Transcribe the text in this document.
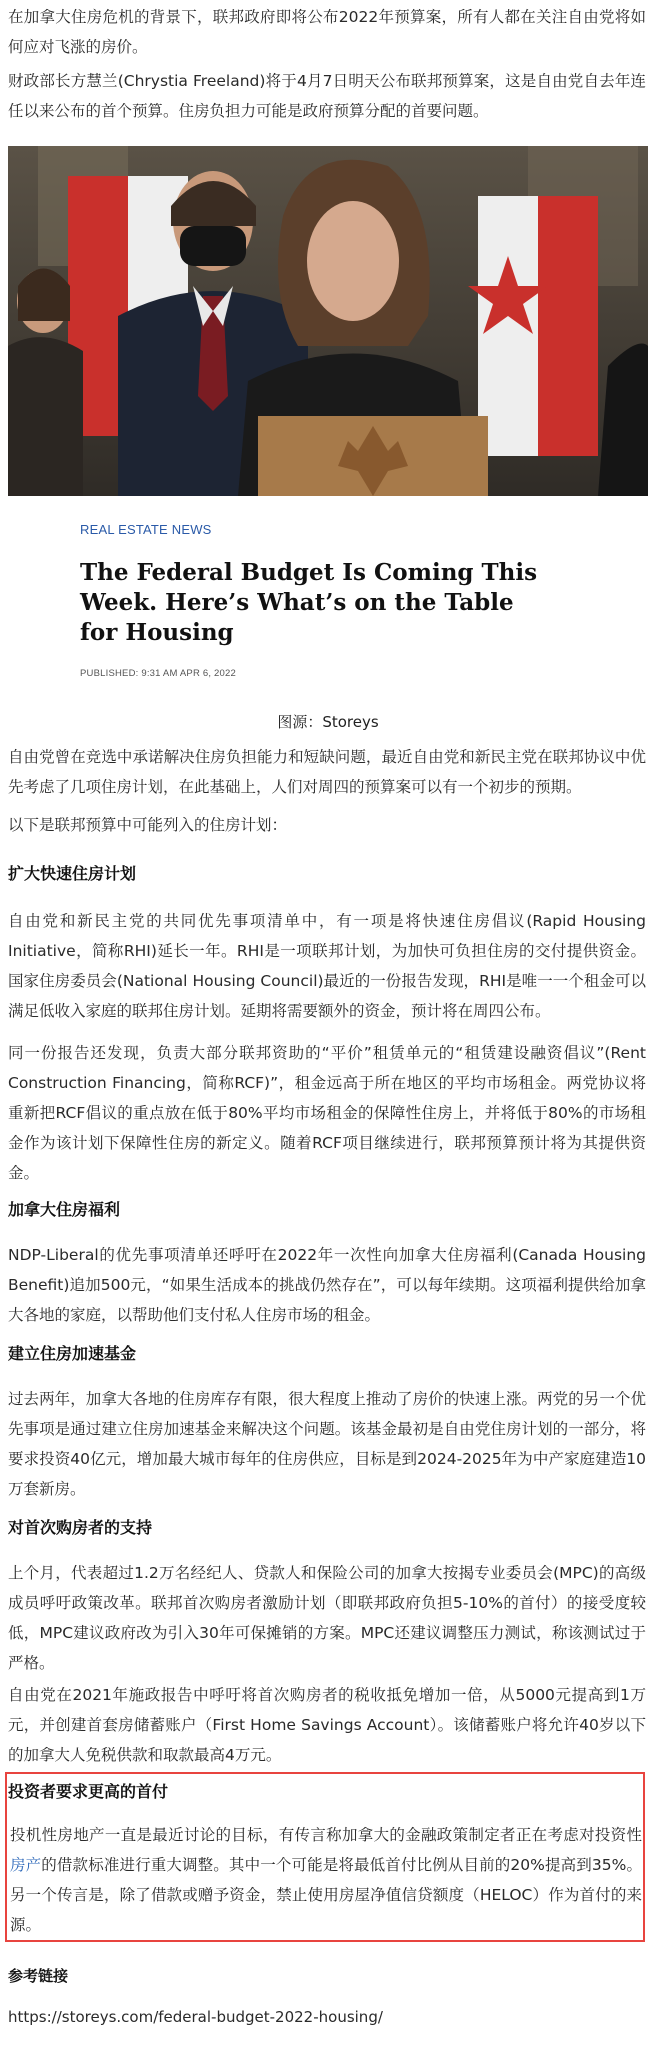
在加拿大住房危机的背景下，联邦政府即将公布2022年预算案，所有人都在关注自由党将如何应对飞涨的房价。

财政部长方慧兰(Chrystia Freeland)将于4月7日明天公布联邦预算案，这是自由党自去年连任以来公布的首个预算。住房负担力可能是政府预算分配的首要问题。

REAL ESTATE NEWS
The Federal Budget Is Coming This Week. Here’s What’s on the Table for Housing
PUBLISHED: 9:31 AM APR 6, 2022
图源：Storeys

自由党曾在竞选中承诺解决住房负担能力和短缺问题，最近自由党和新民主党在联邦协议中优先考虑了几项住房计划，在此基础上，人们对周四的预算案可以有一个初步的预期。

以下是联邦预算中可能列入的住房计划：

扩大快速住房计划

自由党和新民主党的共同优先事项清单中，有一项是将快速住房倡议(Rapid Housing Initiative，简称RHI)延长一年。RHI是一项联邦计划，为加快可负担住房的交付提供资金。国家住房委员会(National Housing Council)最近的一份报告发现，RHI是唯一一个租金可以满足低收入家庭的联邦住房计划。延期将需要额外的资金，预计将在周四公布。

同一份报告还发现，负责大部分联邦资助的“平价”租赁单元的“租赁建设融资倡议”(Rent Construction Financing，简称RCF)”，租金远高于所在地区的平均市场租金。两党协议将重新把RCF倡议的重点放在低于80%平均市场租金的保障性住房上，并将低于80%的市场租金作为该计划下保障性住房的新定义。随着RCF项目继续进行，联邦预算预计将为其提供资金。

加拿大住房福利

NDP-Liberal的优先事项清单还呼吁在2022年一次性向加拿大住房福利(Canada Housing Benefit)追加500元，“如果生活成本的挑战仍然存在”，可以每年续期。这项福利提供给加拿大各地的家庭，以帮助他们支付私人住房市场的租金。

建立住房加速基金

过去两年，加拿大各地的住房库存有限，很大程度上推动了房价的快速上涨。两党的另一个优先事项是通过建立住房加速基金来解决这个问题。该基金最初是自由党住房计划的一部分，将要求投资40亿元，增加最大城市每年的住房供应，目标是到2024-2025年为中产家庭建造10万套新房。

对首次购房者的支持

上个月，代表超过1.2万名经纪人、贷款人和保险公司的加拿大按揭专业委员会(MPC)的高级成员呼吁政策改革。联邦首次购房者激励计划（即联邦政府负担5-10%的首付）的接受度较低，MPC建议政府改为引入30年可保摊销的方案。MPC还建议调整压力测试，称该测试过于严格。

自由党在2021年施政报告中呼吁将首次购房者的税收抵免增加一倍，从5000元提高到1万元，并创建首套房储蓄账户（First Home Savings Account）。该储蓄账户将允许40岁以下的加拿大人免税供款和取款最高4万元。

投资者要求更高的首付

投机性房地产一直是最近讨论的目标，有传言称加拿大的金融政策制定者正在考虑对投资性房产的借款标准进行重大调整。其中一个可能是将最低首付比例从目前的20%提高到35%。另一个传言是，除了借款或赠予资金，禁止使用房屋净值信贷额度（HELOC）作为首付的来源。

参考链接
https://storeys.com/federal-budget-2022-housing/
